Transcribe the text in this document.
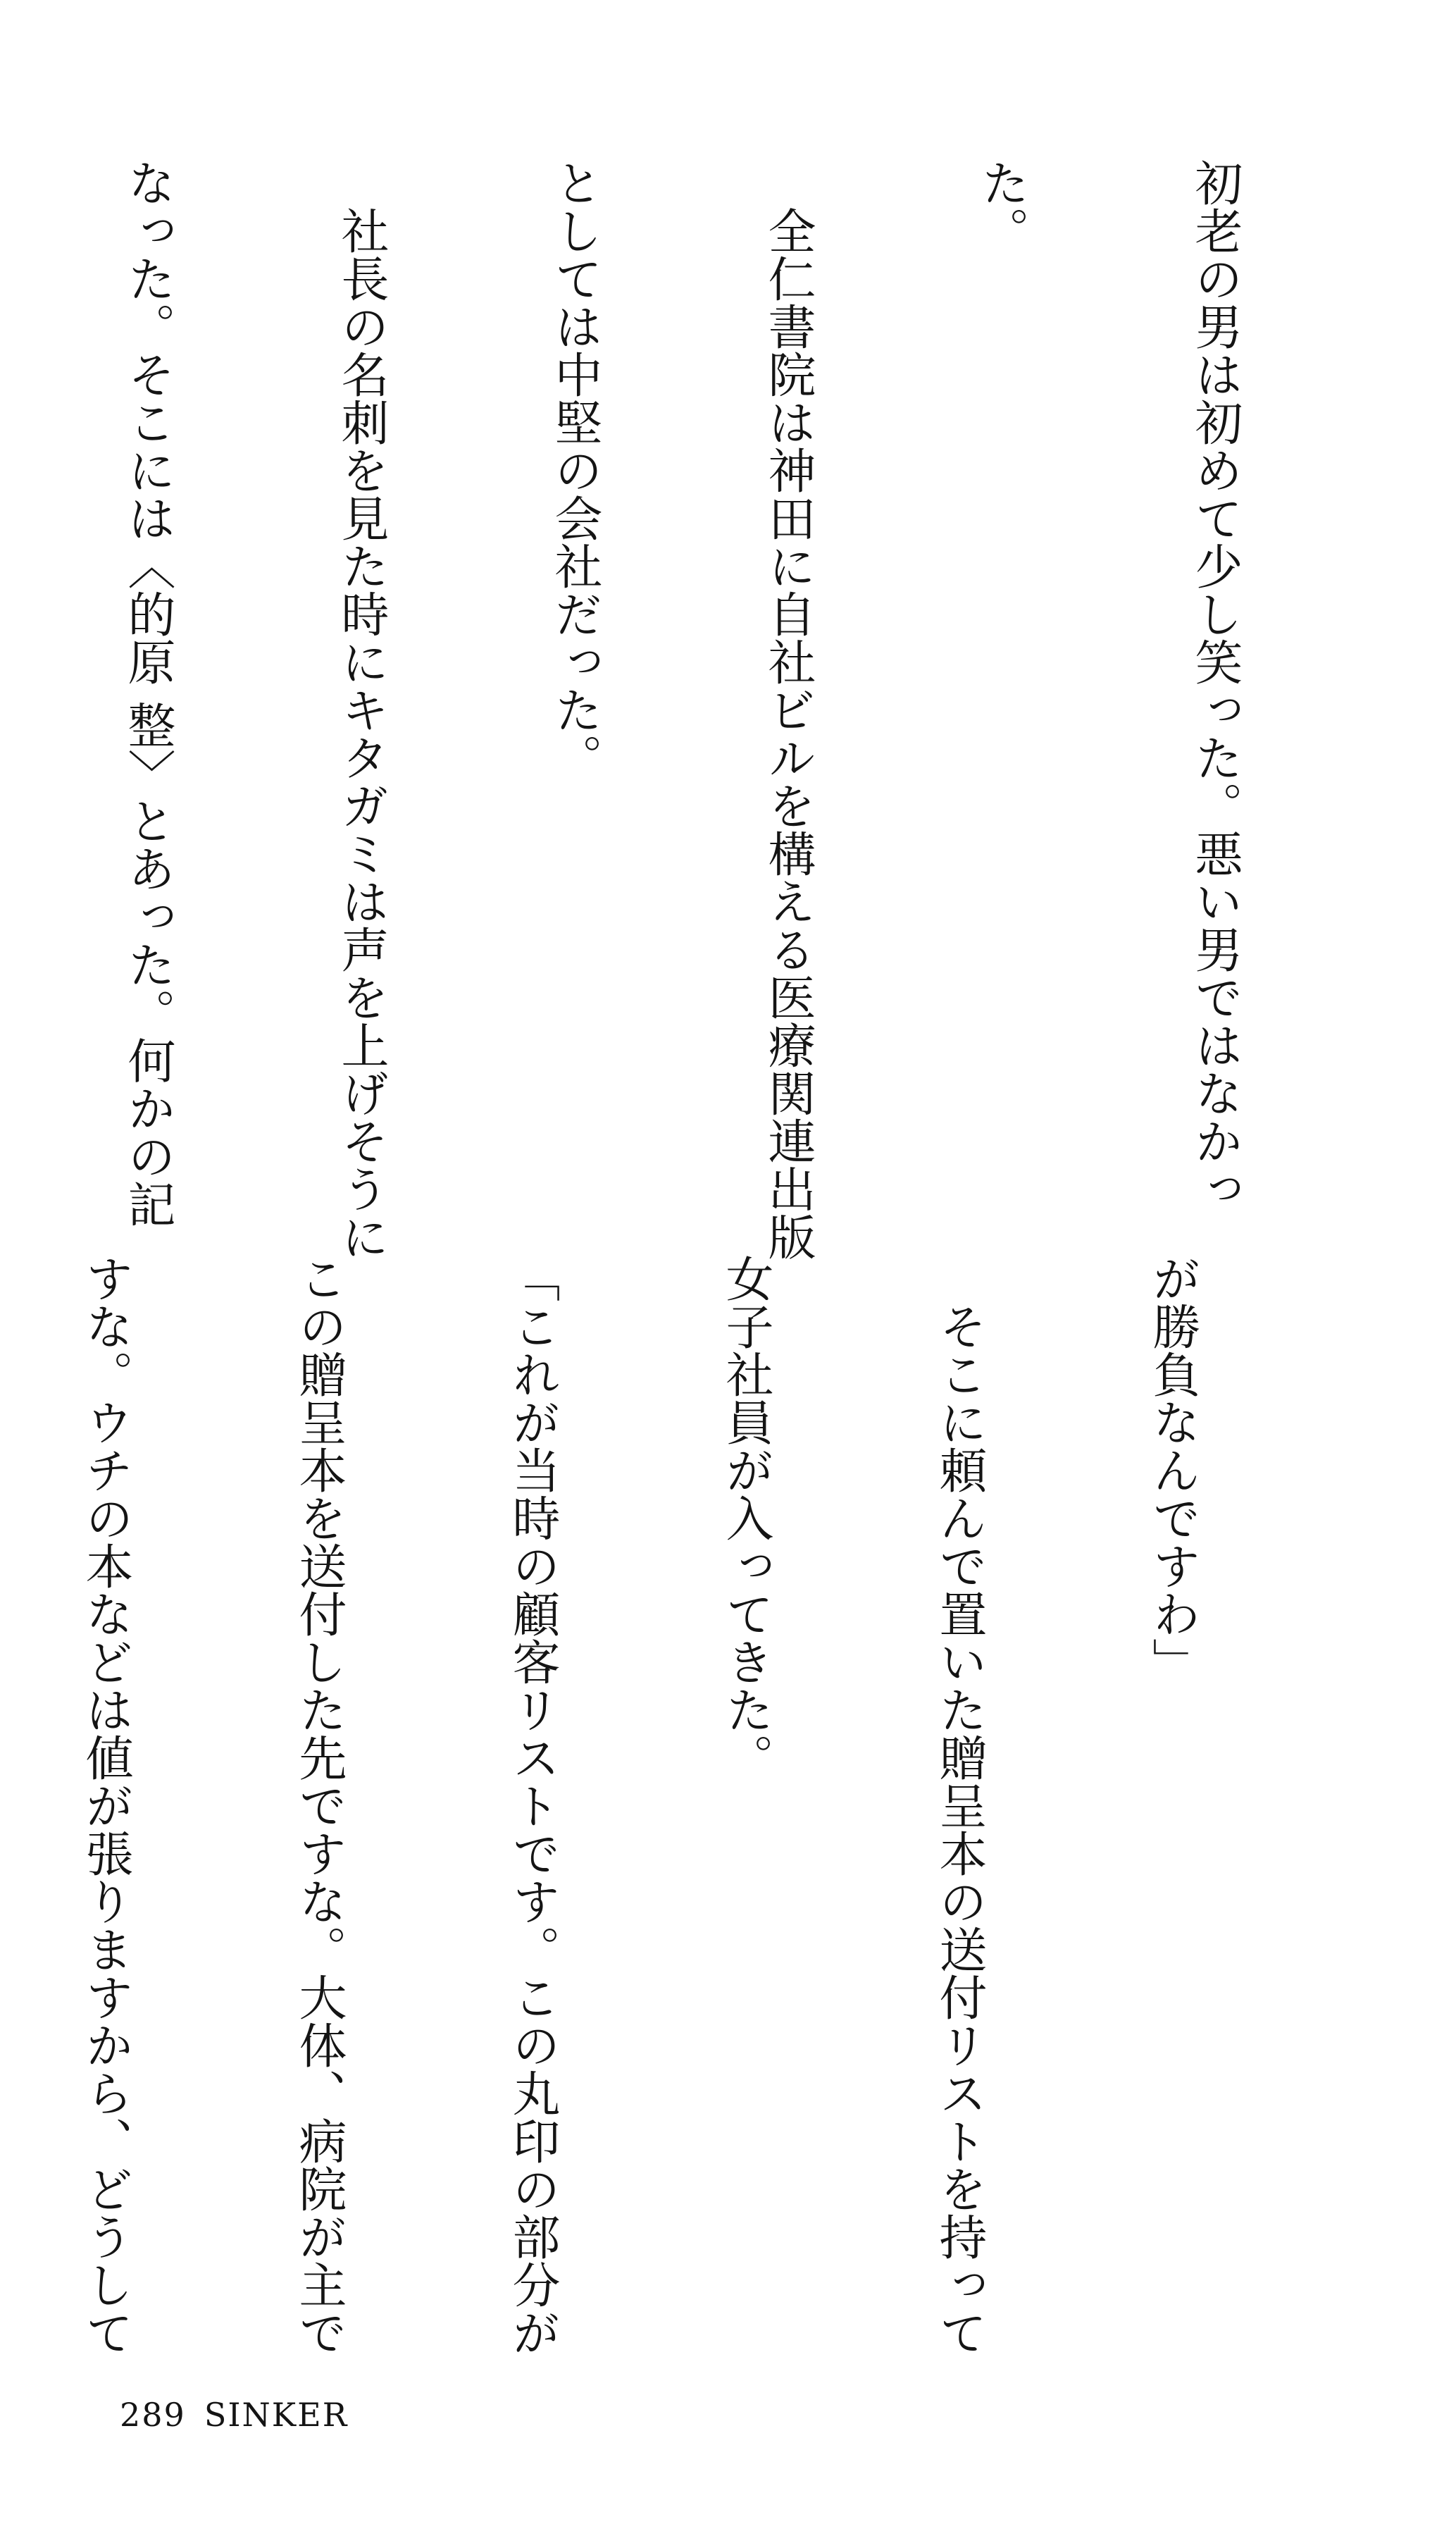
初老の男は初めて少し笑った。悪い男ではなかっ

た。

　全仁書院は神田に自社ビルを構える医療関連出版

としては中堅の会社だった。

　社長の名刺を見た時にキタガミは声を上げそうに

なった。そこには〈的原 整〉とあった。何かの記

が勝負なんですわ」

　そこに頼んで置いた贈呈本の送付リストを持って

女子社員が入ってきた。

「これが当時の顧客リストです。この丸印の部分が

この贈呈本を送付した先ですな。大体、病院が主で

すな。ウチの本などは値が張りますから、どうして

289 SINKER
